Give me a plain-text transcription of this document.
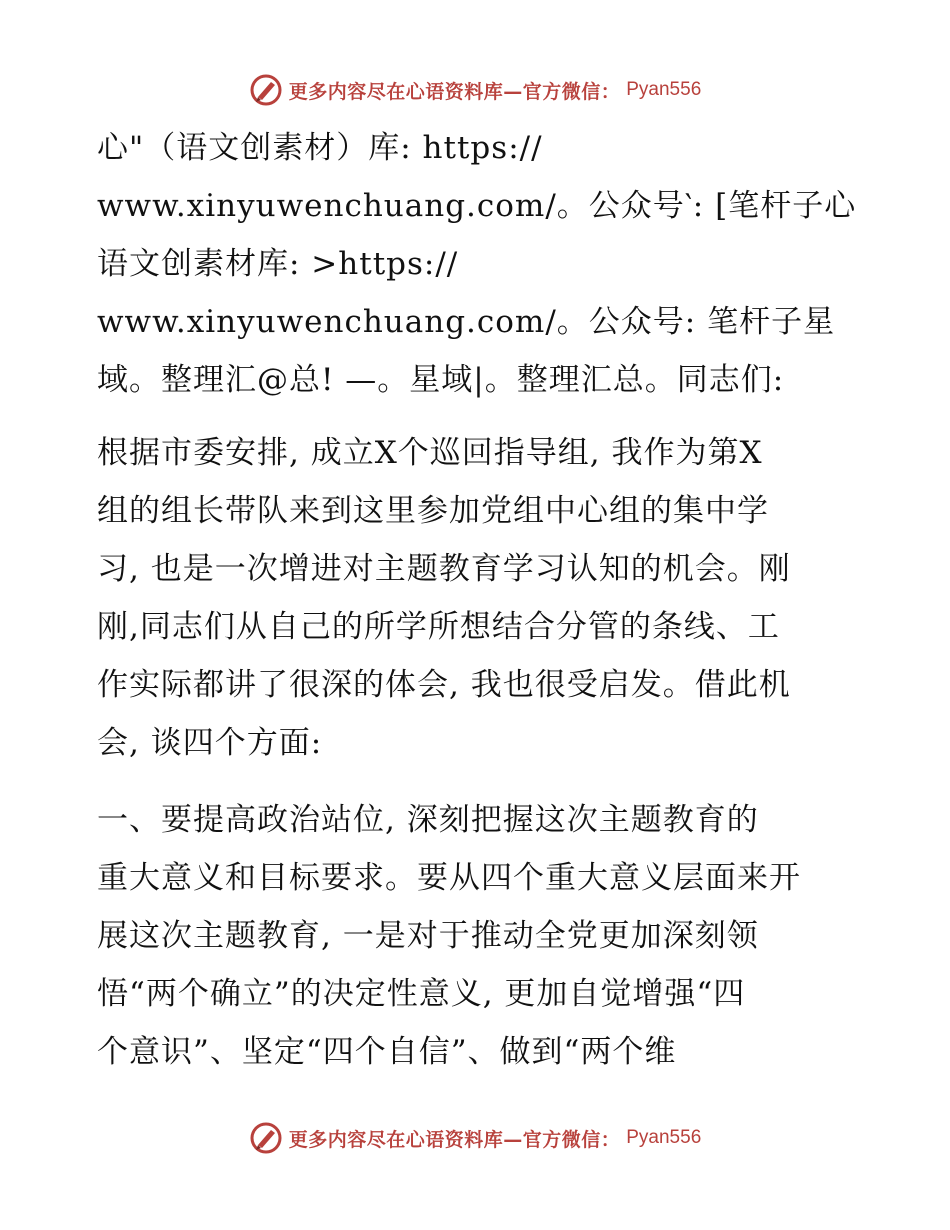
更多内容尽在心语资料库—官方微信： Pyan556
心"（语文创素材）库: https://
www.xinyuwenchuang.com/。公众号‵: [笔杆子心
语文创素材库: >https://
www.xinyuwenchuang.com/。公众号: 笔杆子星
域。整理汇@总! —。星域|。整理汇总。同志们:
根据市委安排, 成立X个巡回指导组, 我作为第X
组的组长带队来到这里参加党组中心组的集中学
习, 也是一次增进对主题教育学习认知的机会。刚
刚,同志们从自己的所学所想结合分管的条线、工
作实际都讲了很深的体会, 我也很受启发。借此机
会, 谈四个方面:
一、要提高政治站位, 深刻把握这次主题教育的
重大意义和目标要求。要从四个重大意义层面来开
展这次主题教育, 一是对于推动全党更加深刻领
悟“两个确立”的决定性意义, 更加自觉增强“四
个意识”、坚定“四个自信”、做到“两个维
更多内容尽在心语资料库—官方微信： Pyan556
